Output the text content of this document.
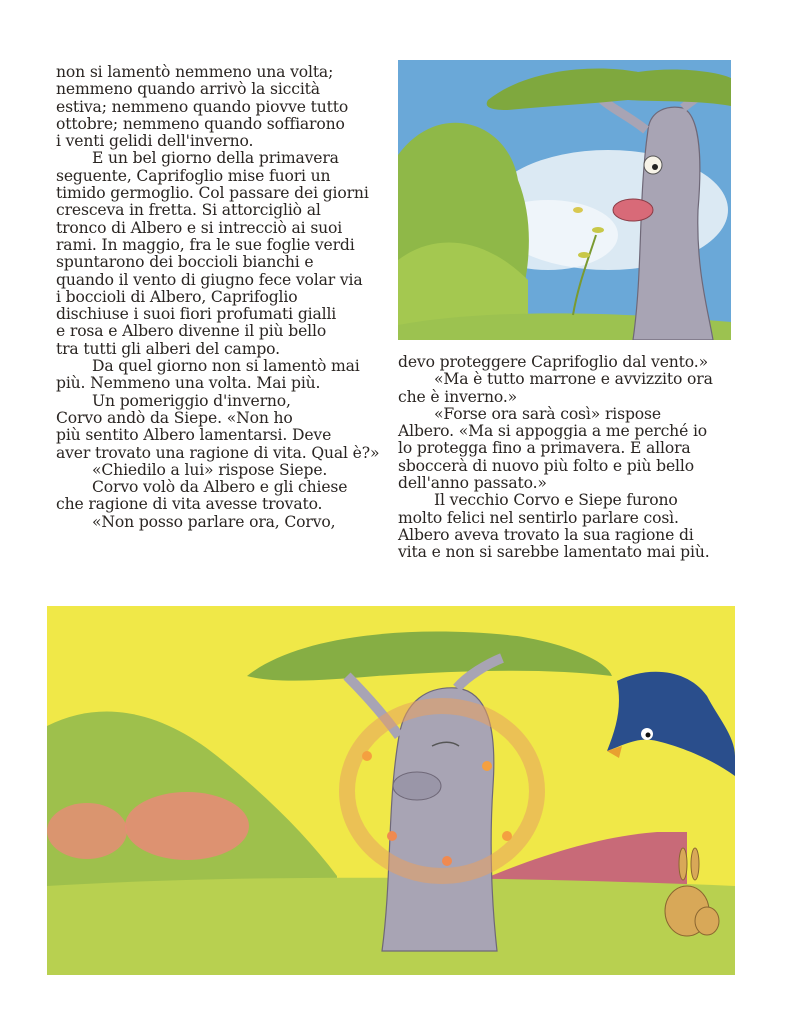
non si lamentò nemmeno una volta;
nemmeno quando arrivò la siccità
estiva; nemmeno quando piovve tutto
ottobre; nemmeno quando soffiarono
i venti gelidi dell'inverno.
E un bel giorno della primavera
seguente, Caprifoglio mise fuori un
timido germoglio. Col passare dei giorni
cresceva in fretta. Si attorcigliò al
tronco di Albero e si intrecciò ai suoi
rami. In maggio, fra le sue foglie verdi
spuntarono dei boccioli bianchi e
quando il vento di giugno fece volar via
i boccioli di Albero, Caprifoglio
dischiuse i suoi fiori profumati gialli
e rosa e Albero divenne il più bello
tra tutti gli alberi del campo.
Da quel giorno non si lamentò mai
più. Nemmeno una volta. Mai più.
Un pomeriggio d'inverno,
Corvo andò da Siepe. «Non ho
più sentito Albero lamentarsi. Deve
aver trovato una ragione di vita. Qual è?»
«Chiedilo a lui» rispose Siepe.
Corvo volò da Albero e gli chiese
che ragione di vita avesse trovato.
«Non posso parlare ora, Corvo,
devo proteggere Caprifoglio dal vento.»
«Ma è tutto marrone e avvizzito ora
che è inverno.»
«Forse ora sarà così» rispose
Albero. «Ma si appoggia a me perché io
lo protegga fino a primavera. E allora
sboccerà di nuovo più folto e più bello
dell'anno passato.»
Il vecchio Corvo e Siepe furono
molto felici nel sentirlo parlare così.
Albero aveva trovato la sua ragione di
vita e non si sarebbe lamentato mai più.
